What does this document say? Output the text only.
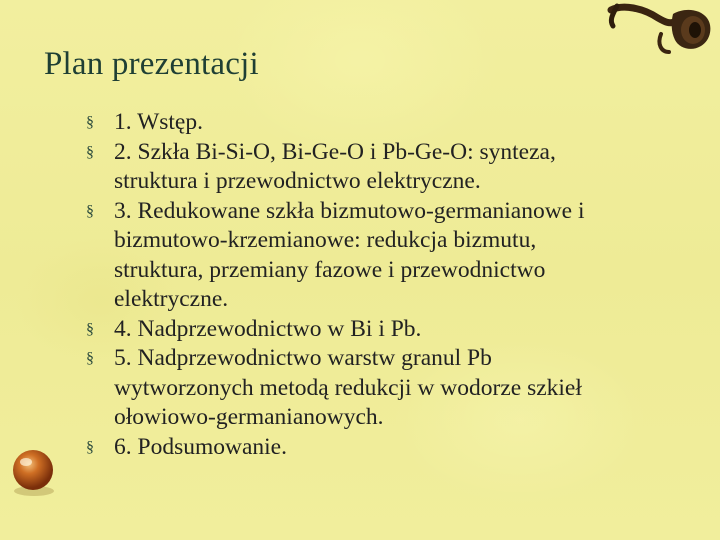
Plan prezentacji
§ 1. Wstęp.
§ 2. Szkła Bi-Si-O, Bi-Ge-O i Pb-Ge-O: synteza,
struktura i przewodnictwo elektryczne.
§ 3. Redukowane szkła bizmutowo-germanianowe i
bizmutowo-krzemianowe: redukcja bizmutu,
struktura, przemiany fazowe i przewodnictwo
elektryczne.
§ 4. Nadprzewodnictwo w Bi i Pb.
§ 5. Nadprzewodnictwo warstw granul Pb
wytworzonych metodą redukcji w wodorze szkieł
ołowiowo-germanianowych.
§ 6. Podsumowanie.
